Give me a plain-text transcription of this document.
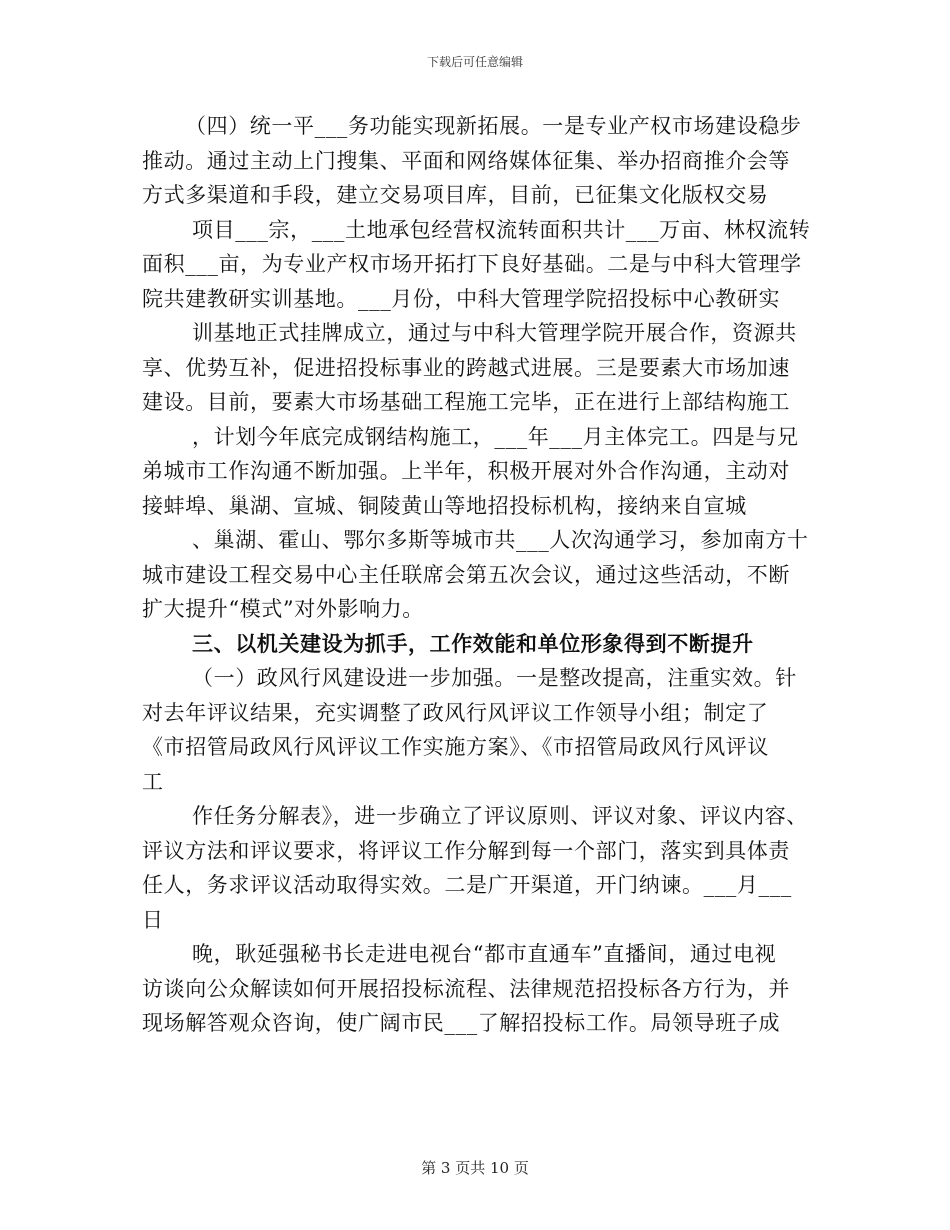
下载后可任意编辑
（四）统一平___务功能实现新拓展。一是专业产权市场建设稳步
推动。通过主动上门搜集、平面和网络媒体征集、举办招商推介会等
方式多渠道和手段，建立交易项目库，目前，已征集文化版权交易
项目___宗，___土地承包经营权流转面积共计___万亩、林权流转
面积___亩，为专业产权市场开拓打下良好基础。二是与中科大管理学
院共建教研实训基地。___月份，中科大管理学院招投标中心教研实
训基地正式挂牌成立，通过与中科大管理学院开展合作，资源共
享、优势互补，促进招投标事业的跨越式进展。三是要素大市场加速
建设。目前，要素大市场基础工程施工完毕，正在进行上部结构施工
，计划今年底完成钢结构施工，___年___月主体完工。四是与兄
弟城市工作沟通不断加强。上半年，积极开展对外合作沟通，主动对
接蚌埠、巢湖、宣城、铜陵黄山等地招投标机构，接纳来自宣城
、巢湖、霍山、鄂尔多斯等城市共___人次沟通学习，参加南方十
城市建设工程交易中心主任联席会第五次会议，通过这些活动，不断
扩大提升“模式”对外影响力。
三、以机关建设为抓手，工作效能和单位形象得到不断提升
（一）政风行风建设进一步加强。一是整改提高，注重实效。针
对去年评议结果，充实调整了政风行风评议工作领导小组；制定了
《市招管局政风行风评议工作实施方案》、《市招管局政风行风评议
工
作任务分解表》，进一步确立了评议原则、评议对象、评议内容、
评议方法和评议要求，将评议工作分解到每一个部门，落实到具体责
任人，务求评议活动取得实效。二是广开渠道，开门纳谏。___月___
日
晚，耿延强秘书长走进电视台“都市直通车”直播间，通过电视
访谈向公众解读如何开展招投标流程、法律规范招投标各方行为，并
现场解答观众咨询，使广阔市民___了解招投标工作。局领导班子成
第 3 页共 10 页
